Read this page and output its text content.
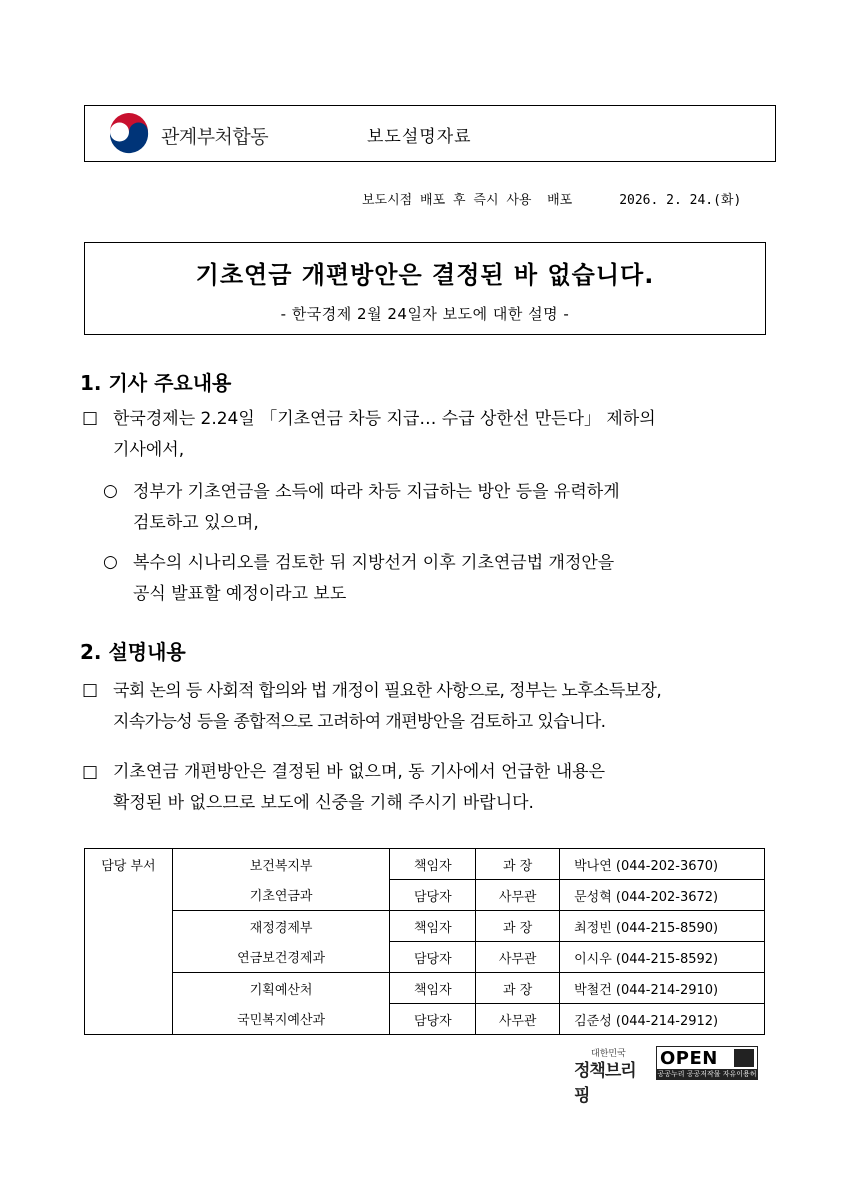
관계부처합동	보도설명자료
보도시점 배포 후 즉시 사용  배포	2026. 2. 24.(화)
기초연금 개편방안은 결정된 바 없습니다.
- 한국경제 2월 24일자 보도에 대한 설명 -
1. 기사 주요내용
□ 한국경제는 2.24일 「기초연금 차등 지급… 수급 상한선 만든다」 제하의
기사에서,
○ 정부가 기초연금을 소득에 따라 차등 지급하는 방안 등을 유력하게
검토하고 있으며,
○ 복수의 시나리오를 검토한 뒤 지방선거 이후 기초연금법 개정안을
공식 발표할 예정이라고 보도
2. 설명내용
□ 국회 논의 등 사회적 합의와 법 개정이 필요한 사항으로, 정부는 노후소득보장,
지속가능성 등을 종합적으로 고려하여 개편방안을 검토하고 있습니다.
□ 기초연금 개편방안은 결정된 바 없으며, 동 기사에서 언급한 내용은
확정된 바 없으므로 보도에 신중을 기해 주시기 바랍니다.
담당 부서	보건복지부	책임자	과 장	박나연 (044-202-3670)
	기초연금과	담당자	사무관	문성혁 (044-202-3672)
	재정경제부	책임자	과 장	최정빈 (044-215-8590)
	연금보건경제과	담당자	사무관	이시우 (044-215-8592)
	기획예산처	책임자	과 장	박철건 (044-214-2910)
	국민복지예산과	담당자	사무관	김준성 (044-214-2912)
대한민국
정책브리핑
OPEN
공공누리 공공저작물 자유이용허락
